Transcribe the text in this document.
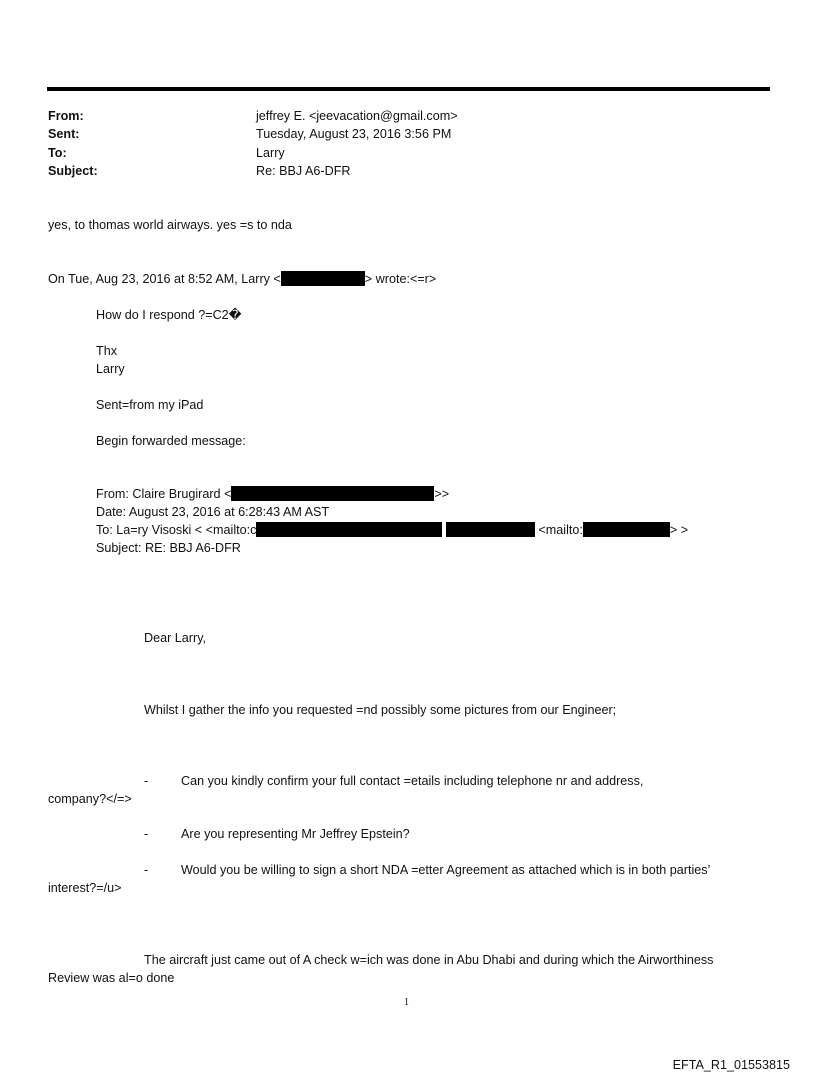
From:	jeffrey E. <jeevacation@gmail.com>
Sent:	Tuesday, August 23, 2016 3:56 PM
To:	Larry
Subject:	Re: BBJ A6-DFR
yes, to thomas world airways. yes =s to nda
On Tue, Aug 23, 2016 at 8:52 AM, Larry <	> wrote:<=r>
How do I respond ?=C2�
Thx
Larry
Sent=from my iPad
Begin forwarded message:
From: Claire Brugirard <	>>
Date: August 23, 2016 at 6:28:43 AM AST
To: La=ry Visoski < <mailto:c	<mailto:	> >
Subject: RE: BBJ A6-DFR
Dear Larry,
Whilst I gather the info you requested =nd possibly some pictures from our Engineer;
-	Can you kindly confirm your full contact =etails including telephone nr and address,
company?</=>
-	Are you representing Mr Jeffrey Epstein?
-	Would you be willing to sign a short NDA =etter Agreement as attached which is in both parties’
interest?=/u>
The aircraft just came out of A check w=ich was done in Abu Dhabi and during which the Airworthiness
Review was al=o done
1
EFTA_R1_01553815
